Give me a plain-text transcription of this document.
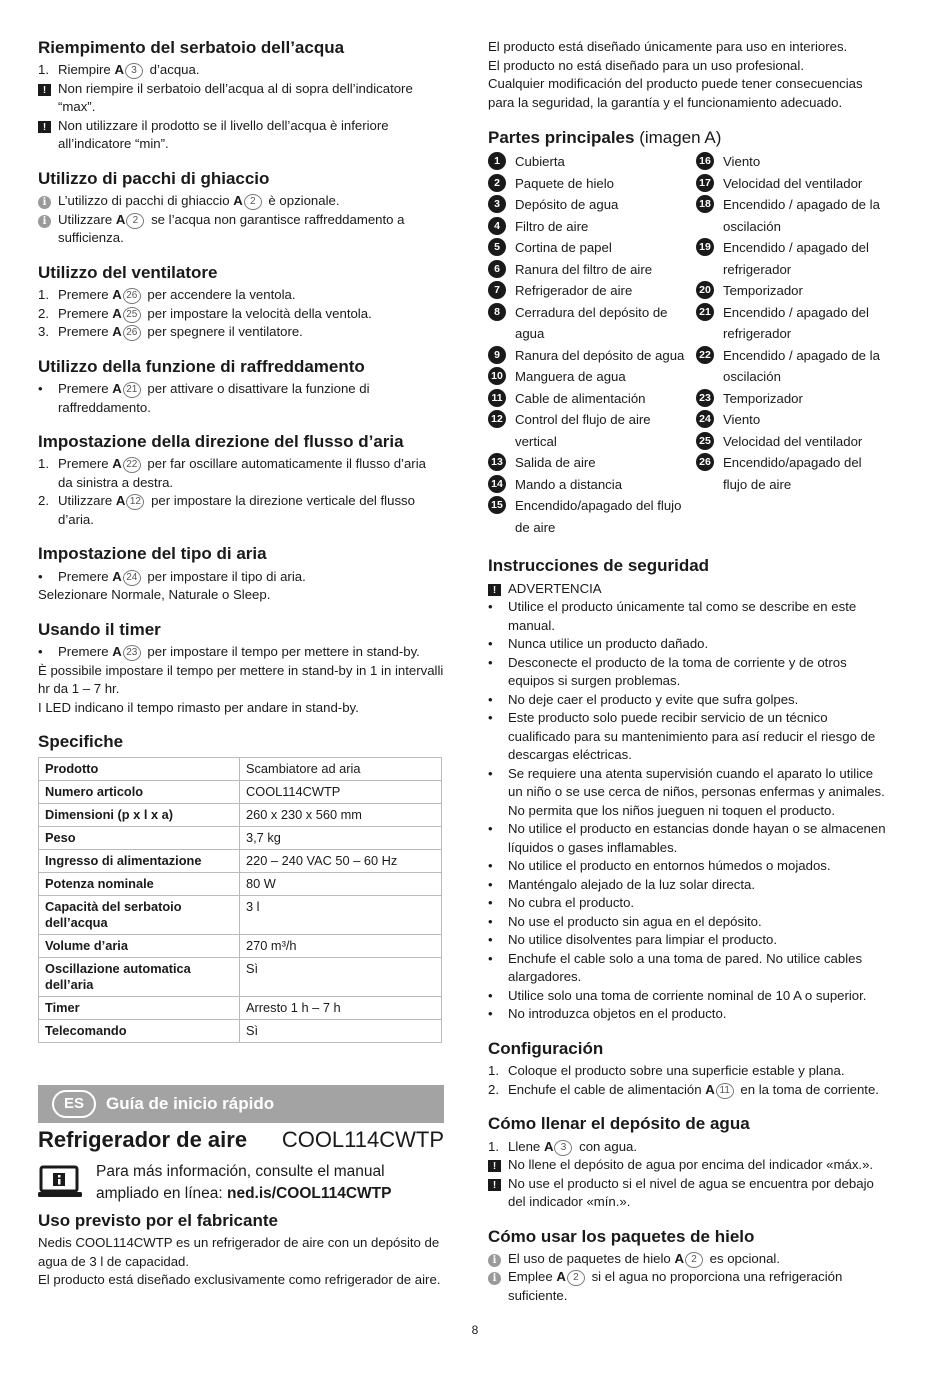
Riempimento del serbatoio dell’acqua
1. Riempire A 3 d’acqua.
! Non riempire il serbatoio dell’acqua al di sopra dell’indicatore “max”.
! Non utilizzare il prodotto se il livello dell’acqua è inferiore all’indicatore “min”.
Utilizzo di pacchi di ghiaccio
i L’utilizzo di pacchi di ghiaccio A 2 è opzionale.
i Utilizzare A 2 se l’acqua non garantisce raffreddamento a sufficienza.
Utilizzo del ventilatore
1. Premere A 26 per accendere la ventola.
2. Premere A 25 per impostare la velocità della ventola.
3. Premere A 26 per spegnere il ventilatore.
Utilizzo della funzione di raffreddamento
•	Premere A 21 per attivare o disattivare la funzione di raffreddamento.
Impostazione della direzione del flusso d’aria
1. Premere A 22 per far oscillare automaticamente il flusso d’aria da sinistra a destra.
2. Utilizzare A 12 per impostare la direzione verticale del flusso d’aria.
Impostazione del tipo di aria
•	Premere A 24 per impostare il tipo di aria.
Selezionare Normale, Naturale o Sleep.
Usando il timer
•	Premere A 23 per impostare il tempo per mettere in stand-by.
È possibile impostare il tempo per mettere in stand-by in 1 in intervalli hr da 1 – 7 hr.
I LED indicano il tempo rimasto per andare in stand-by.
Specifiche
Prodotto	Scambiatore ad aria
Numero articolo	COOL114CWTP
Dimensioni (p x l x a)	260 x 230 x 560 mm
Peso	3,7 kg
Ingresso di alimentazione	220 – 240 VAC 50 – 60 Hz
Potenza nominale	80 W
Capacità del serbatoio dell’acqua	3 l
Volume d’aria	270 m³/h
Oscillazione automatica dell’aria	Sì
Timer	Arresto 1 h – 7 h
Telecomando	Sì
ES	Guía de inicio rápido
Refrigerador de aire COOL114CWTP
Para más información, consulte el manual
ampliado en línea: ned.is/COOL114CWTP
Uso previsto por el fabricante
Nedis COOL114CWTP es un refrigerador de aire con un depósito de agua de 3 l de capacidad.
El producto está diseñado exclusivamente como refrigerador de aire.
El producto está diseñado únicamente para uso en interiores.
El producto no está diseñado para un uso profesional.
Cualquier modificación del producto puede tener consecuencias para la seguridad, la garantía y el funcionamiento adecuado.
Partes principales (imagen A)
1	Cubierta
2	Paquete de hielo
3	Depósito de agua
4	Filtro de aire
5	Cortina de papel
6	Ranura del filtro de aire
7	Refrigerador de aire
8	Cerradura del depósito de agua
9	Ranura del depósito de agua
10 Manguera de agua
11 Cable de alimentación
12 Control del flujo de aire vertical
13 Salida de aire
14 Mando a distancia
15 Encendido/apagado del flujo de aire
16 Viento
17 Velocidad del ventilador
18 Encendido / apagado de la oscilación
19 Encendido / apagado del refrigerador
20 Temporizador
21 Encendido / apagado del refrigerador
22 Encendido / apagado de la oscilación
23 Temporizador
24 Viento
25 Velocidad del ventilador
26 Encendido/apagado del flujo de aire
Instrucciones de seguridad
! ADVERTENCIA
•	Utilice el producto únicamente tal como se describe en este manual.
•	Nunca utilice un producto dañado.
•	Desconecte el producto de la toma de corriente y de otros equipos si surgen problemas.
•	No deje caer el producto y evite que sufra golpes.
•	Este producto solo puede recibir servicio de un técnico cualificado para su mantenimiento para así reducir el riesgo de descargas eléctricas.
•	Se requiere una atenta supervisión cuando el aparato lo utilice un niño o se use cerca de niños, personas enfermas y animales. No permita que los niños jueguen ni toquen el producto.
•	No utilice el producto en estancias donde hayan o se almacenen líquidos o gases inflamables.
•	No utilice el producto en entornos húmedos o mojados.
•	Manténgalo alejado de la luz solar directa.
•	No cubra el producto.
•	No use el producto sin agua en el depósito.
•	No utilice disolventes para limpiar el producto.
•	Enchufe el cable solo a una toma de pared. No utilice cables alargadores.
•	Utilice solo una toma de corriente nominal de 10 A o superior.
•	No introduzca objetos en el producto.
Configuración
1. Coloque el producto sobre una superficie estable y plana.
2. Enchufe el cable de alimentación A 11 en la toma de corriente.
Cómo llenar el depósito de agua
1. Llene A 3 con agua.
! No llene el depósito de agua por encima del indicador «máx.».
! No use el producto si el nivel de agua se encuentra por debajo del indicador «mín.».
Cómo usar los paquetes de hielo
i El uso de paquetes de hielo A 2 es opcional.
i Emplee A 2 si el agua no proporciona una refrigeración suficiente.
8
